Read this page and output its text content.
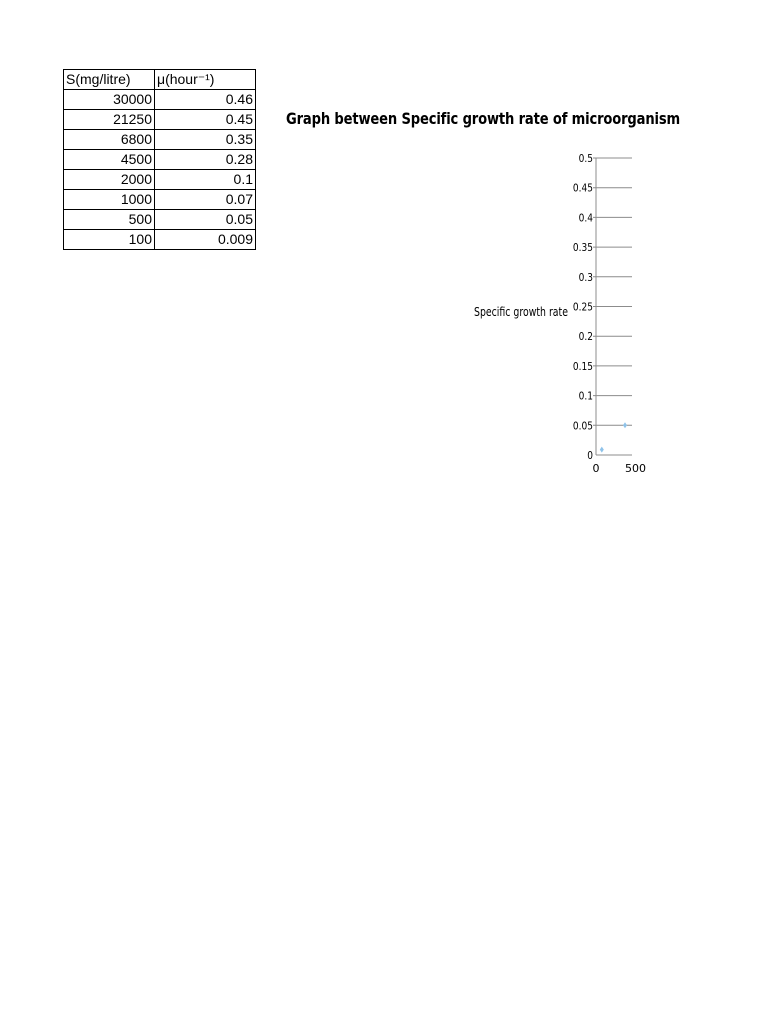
S(mg/litre)	μ(hour⁻¹)
30000	0.46
21250	0.45
6800	0.35
4500	0.28
2000	0.1
1000	0.07
500	0.05
100	0.009
Graph between Specific growth rate of microorganism
Specific growth rate
0
0.05
0.1
0.15
0.2
0.25
0.3
0.35
0.4
0.45
0.5
0 500
